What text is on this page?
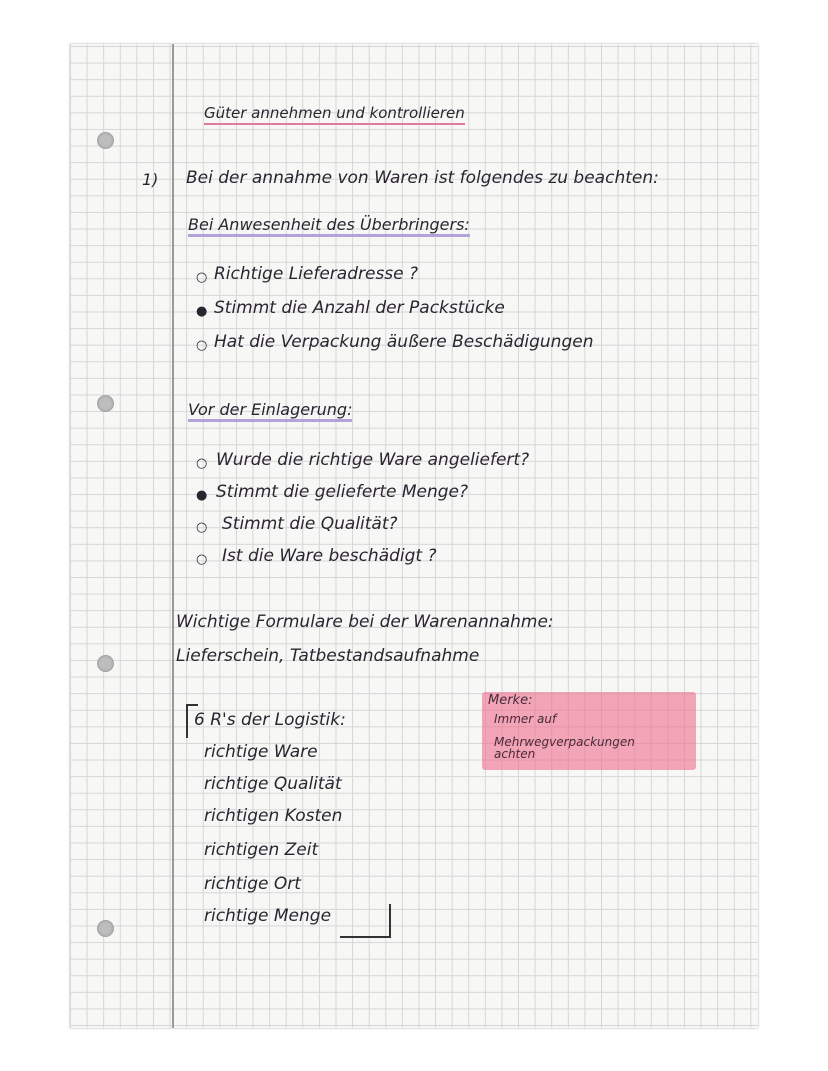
Güter annehmen und kontrollieren
1) Bei der annahme von Waren ist folgendes zu beachten:
Bei Anwesenheit des Überbringers:
○ Richtige Lieferadresse ?
● Stimmt die Anzahl der Packstücke
○ Hat die Verpackung äußere Beschädigungen
Vor der Einlagerung:
○ Wurde die richtige Ware angeliefert?
● Stimmt die gelieferte Menge?
○ Stimmt die Qualität?
○ Ist die Ware beschädigt ?
Wichtige Formulare bei der Warenannahme:
Lieferschein, Tatbestandsaufnahme
6 R's der Logistik:
richtige Ware
richtige Qualität
richtigen Kosten
richtigen Zeit
richtige Ort
richtige Menge
Merke:
Immer auf
Mehrwegverpackungen
achten
